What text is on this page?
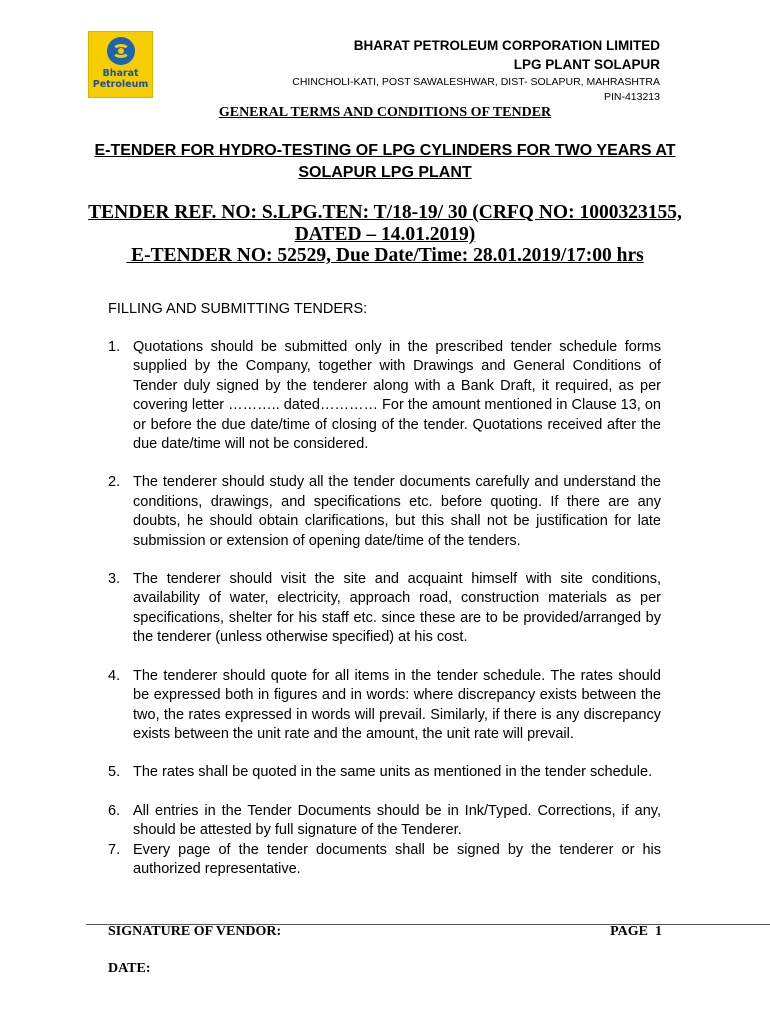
Bharat
Petroleum
BHARAT PETROLEUM CORPORATION LIMITED
LPG PLANT SOLAPUR
CHINCHOLI-KATI, POST SAWALESHWAR, DIST- SOLAPUR, MAHRASHTRA
PIN-413213
GENERAL TERMS AND CONDITIONS OF TENDER
E-TENDER FOR HYDRO-TESTING OF LPG CYLINDERS FOR TWO YEARS AT
SOLAPUR LPG PLANT
TENDER REF. NO: S.LPG.TEN: T/18-19/ 30 (CRFQ NO: 1000323155,
DATED – 14.01.2019)
E-TENDER NO: 52529, Due Date/Time: 28.01.2019/17:00 hrs
FILLING AND SUBMITTING TENDERS:
1. Quotations should be submitted only in the prescribed tender schedule forms supplied by the Company, together with Drawings and General Conditions of Tender duly signed by the tenderer along with a Bank Draft, it required, as per covering letter ……….. dated………… For the amount mentioned in Clause 13, on or before the due date/time of closing of the tender. Quotations received after the due date/time will not be considered.
2. The tenderer should study all the tender documents carefully and understand the conditions, drawings, and specifications etc. before quoting. If there are any doubts, he should obtain clarifications, but this shall not be justification for late submission or extension of opening date/time of the tenders.
3. The tenderer should visit the site and acquaint himself with site conditions, availability of water, electricity, approach road, construction materials as per specifications, shelter for his staff etc. since these are to be provided/arranged by the tenderer (unless otherwise specified) at his cost.
4. The tenderer should quote for all items in the tender schedule. The rates should be expressed both in figures and in words: where discrepancy exists between the two, the rates expressed in words will prevail. Similarly, if there is any discrepancy exists between the unit rate and the amount, the unit rate will prevail.
5. The rates shall be quoted in the same units as mentioned in the tender schedule.
6. All entries in the Tender Documents should be in Ink/Typed. Corrections, if any, should be attested by full signature of the Tenderer.
7. Every page of the tender documents shall be signed by the tenderer or his authorized representative.
SIGNATURE OF VENDOR:	PAGE  1
DATE:
